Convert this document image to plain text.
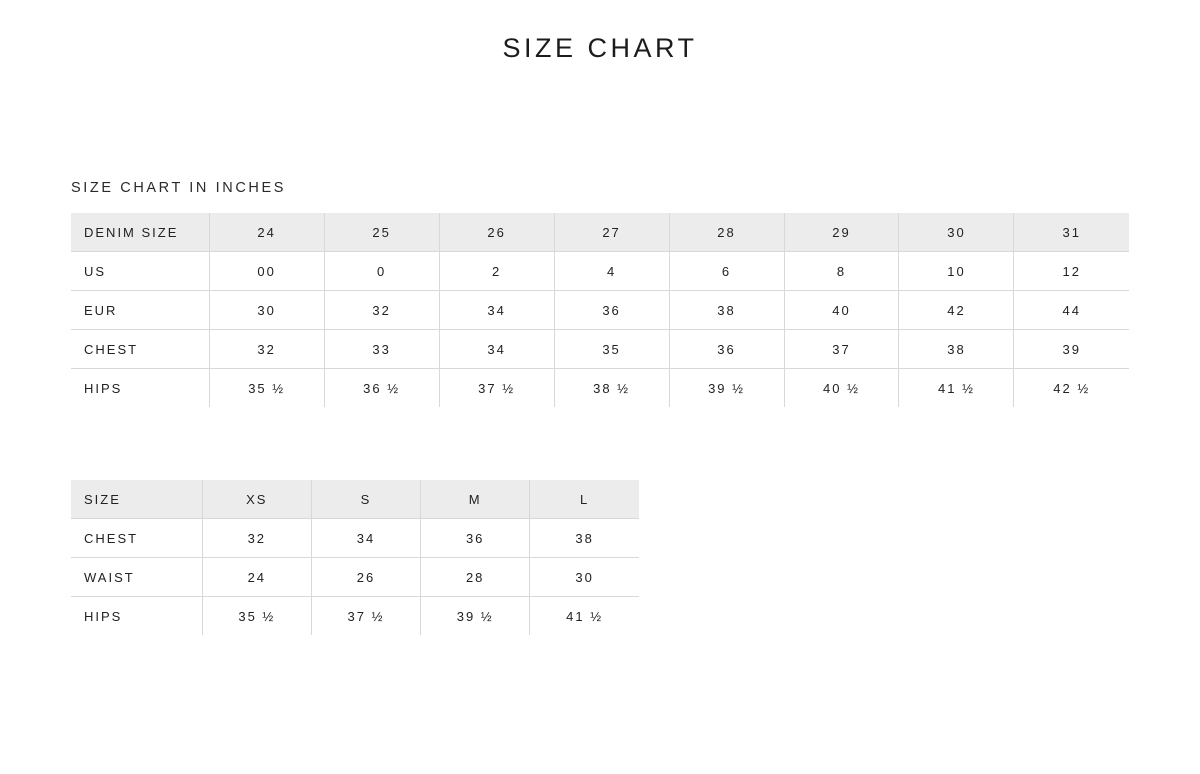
SIZE CHART
SIZE CHART IN INCHES
DENIM SIZE	24	25	26	27	28	29	30	31
US	00	0	2	4	6	8	10	12
EUR	30	32	34	36	38	40	42	44
CHEST	32	33	34	35	36	37	38	39
HIPS	35 ½	36 ½	37 ½	38 ½	39 ½	40 ½	41 ½	42 ½
SIZE	XS	S	M	L
CHEST	32	34	36	38
WAIST	24	26	28	30
HIPS	35 ½	37 ½	39 ½	41 ½
